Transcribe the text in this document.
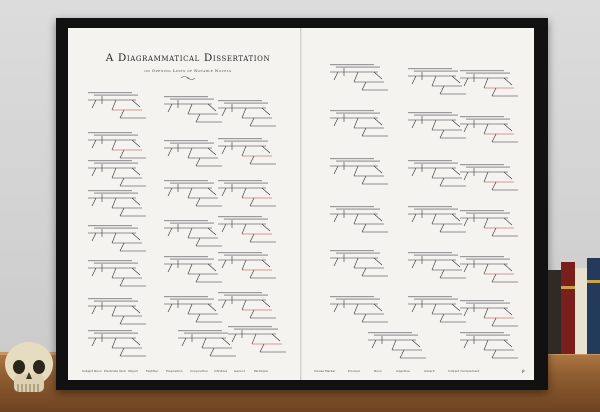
A Diagrammatical Dissertation
on Opening Lines of Notable Novels
Subject Noun Predicate Verb Object	Modifier	Preposition Conjunction Infinitive Gerund	Participle	Clause Marker	Pronoun	Noun	Adjective	Adverb	Indirect Complement	ꝑ
